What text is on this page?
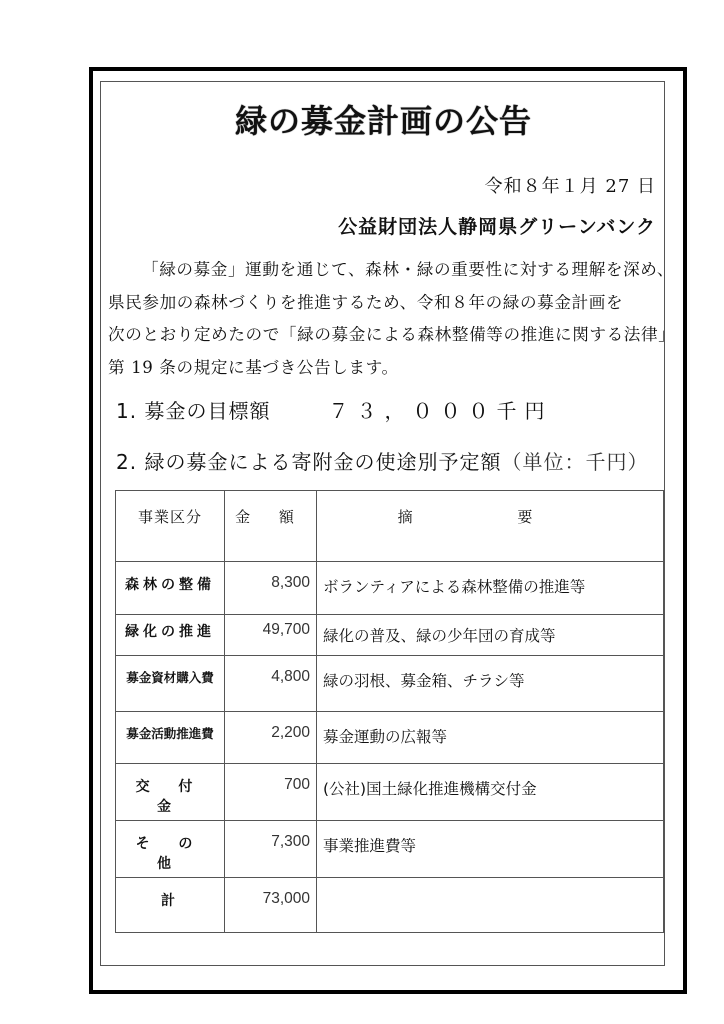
緑の募金計画の公告
令和８年１月 27 日
公益財団法人静岡県グリーンバンク

「緑の募金」運動を通じて、森林・緑の重要性に対する理解を深め、

県民参加の森林づくりを推進するため、令和８年の緑の募金計画を

次のとおり定めたので「緑の募金による森林整備等の推進に関する法律」

第 19 条の規定に基づき公告します。

1. 募金の目標額	７３，０００千円
2. 緑の募金による寄附金の使途別予定額（単位：千円）
事業区分	金 額	摘 要
森林の整備	8,300	ボランティアによる森林整備の推進等
緑化の推進	49,700	緑化の普及、緑の少年団の育成等
募金資材購入費	4,800	緑の羽根、募金箱、チラシ等
募金活動推進費	2,200	募金運動の広報等
交 付 金	700	(公社)国土緑化推進機構交付金
そ の 他	7,300	事業推進費等
計	73,000	
